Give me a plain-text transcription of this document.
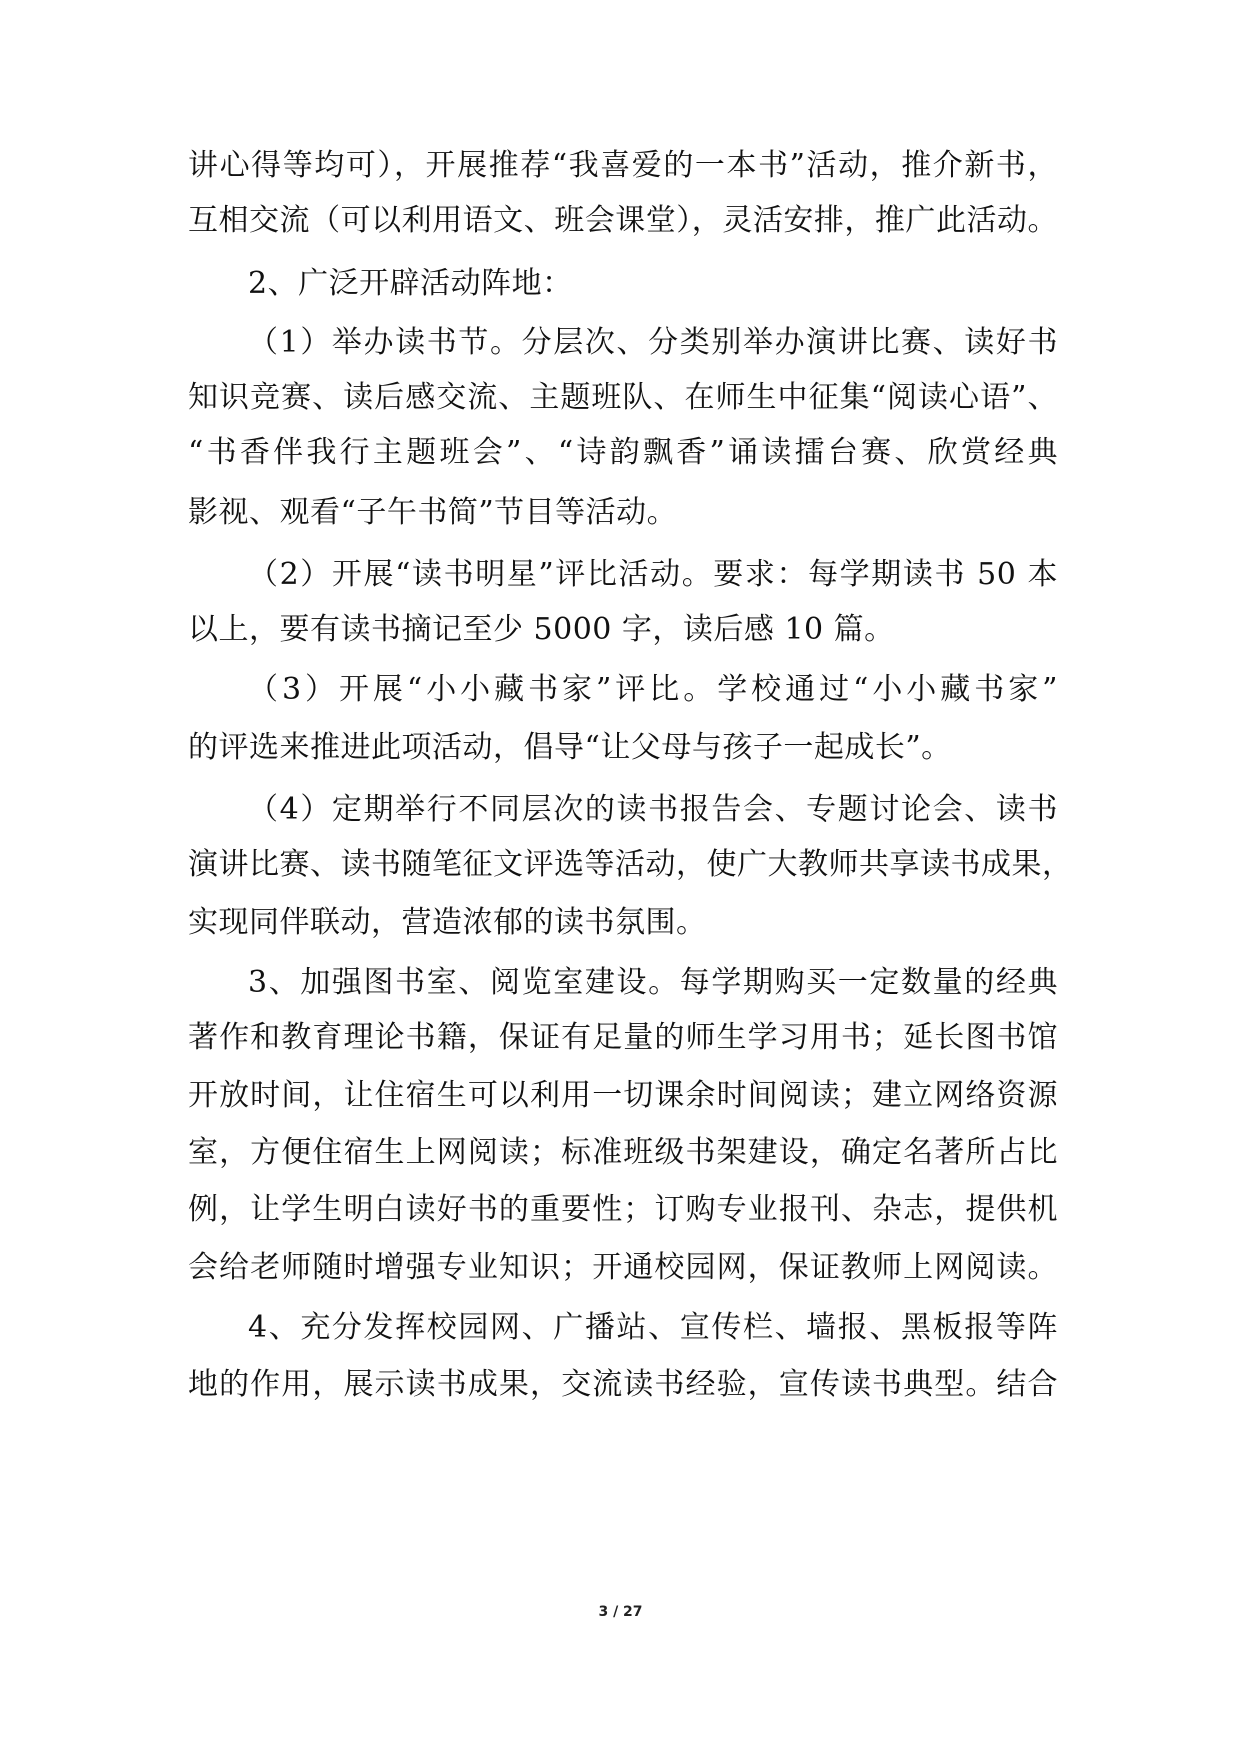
讲心得等均可），开展推荐“我喜爱的一本书”活动，推介新书，
互相交流（可以利用语文、班会课堂），灵活安排，推广此活动。
2、广泛开辟活动阵地：
（1）举办读书节。分层次、分类别举办演讲比赛、读好书
知识竞赛、读后感交流、主题班队、在师生中征集“阅读心语”、
“书香伴我行主题班会”、“诗韵飘香”诵读擂台赛、欣赏经典
影视、观看“子午书简”节目等活动。
（2）开展“读书明星”评比活动。要求：每学期读书 50 本
以上，要有读书摘记至少 5000 字，读后感 10 篇。
（3）开展“小小藏书家”评比。学校通过“小小藏书家”
的评选来推进此项活动，倡导“让父母与孩子一起成长”。
（4）定期举行不同层次的读书报告会、专题讨论会、读书
演讲比赛、读书随笔征文评选等活动，使广大教师共享读书成果，
实现同伴联动，营造浓郁的读书氛围。
3、加强图书室、阅览室建设。每学期购买一定数量的经典
著作和教育理论书籍，保证有足量的师生学习用书；延长图书馆
开放时间，让住宿生可以利用一切课余时间阅读；建立网络资源
室，方便住宿生上网阅读；标准班级书架建设，确定名著所占比
例，让学生明白读好书的重要性；订购专业报刊、杂志，提供机
会给老师随时增强专业知识；开通校园网，保证教师上网阅读。
4、充分发挥校园网、广播站、宣传栏、墙报、黑板报等阵
地的作用，展示读书成果，交流读书经验，宣传读书典型。结合
3 / 27
